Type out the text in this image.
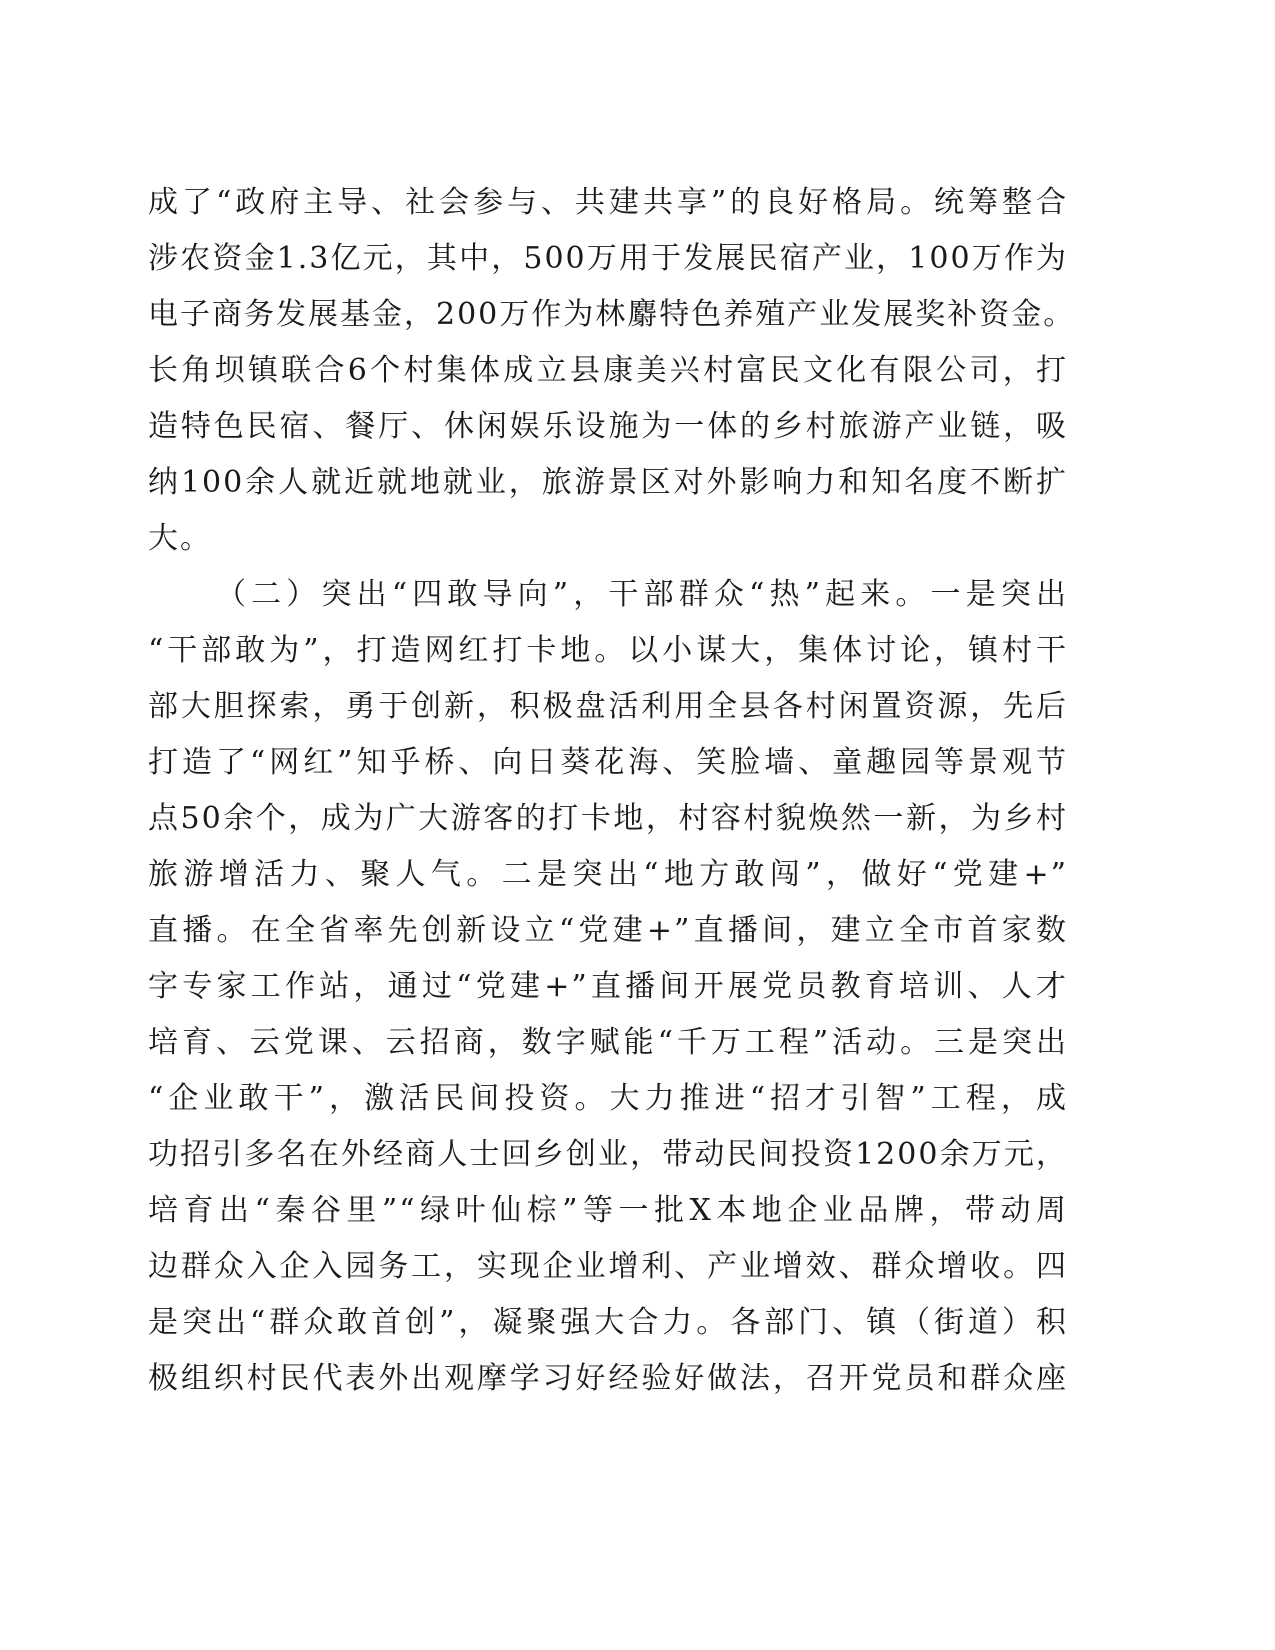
成了“政府主导、社会参与、共建共享”的良好格局。统筹整合
涉农资金1.3亿元，其中，500万用于发展民宿产业，100万作为
电子商务发展基金，200万作为林麝特色养殖产业发展奖补资金。
长角坝镇联合6个村集体成立县康美兴村富民文化有限公司，打
造特色民宿、餐厅、休闲娱乐设施为一体的乡村旅游产业链，吸
纳100余人就近就地就业，旅游景区对外影响力和知名度不断扩
大。
（二）突出“四敢导向”，干部群众“热”起来。一是突出
“干部敢为”，打造网红打卡地。以小谋大，集体讨论，镇村干
部大胆探索，勇于创新，积极盘活利用全县各村闲置资源，先后
打造了“网红”知乎桥、向日葵花海、笑脸墙、童趣园等景观节
点50余个，成为广大游客的打卡地，村容村貌焕然一新，为乡村
旅游增活力、聚人气。二是突出“地方敢闯”，做好“党建+”
直播。在全省率先创新设立“党建+”直播间，建立全市首家数
字专家工作站，通过“党建+”直播间开展党员教育培训、人才
培育、云党课、云招商，数字赋能“千万工程”活动。三是突出
“企业敢干”，激活民间投资。大力推进“招才引智”工程，成
功招引多名在外经商人士回乡创业，带动民间投资1200余万元，
培育出“秦谷里”“绿叶仙棕”等一批X本地企业品牌，带动周
边群众入企入园务工，实现企业增利、产业增效、群众增收。四
是突出“群众敢首创”，凝聚强大合力。各部门、镇（街道）积
极组织村民代表外出观摩学习好经验好做法，召开党员和群众座
